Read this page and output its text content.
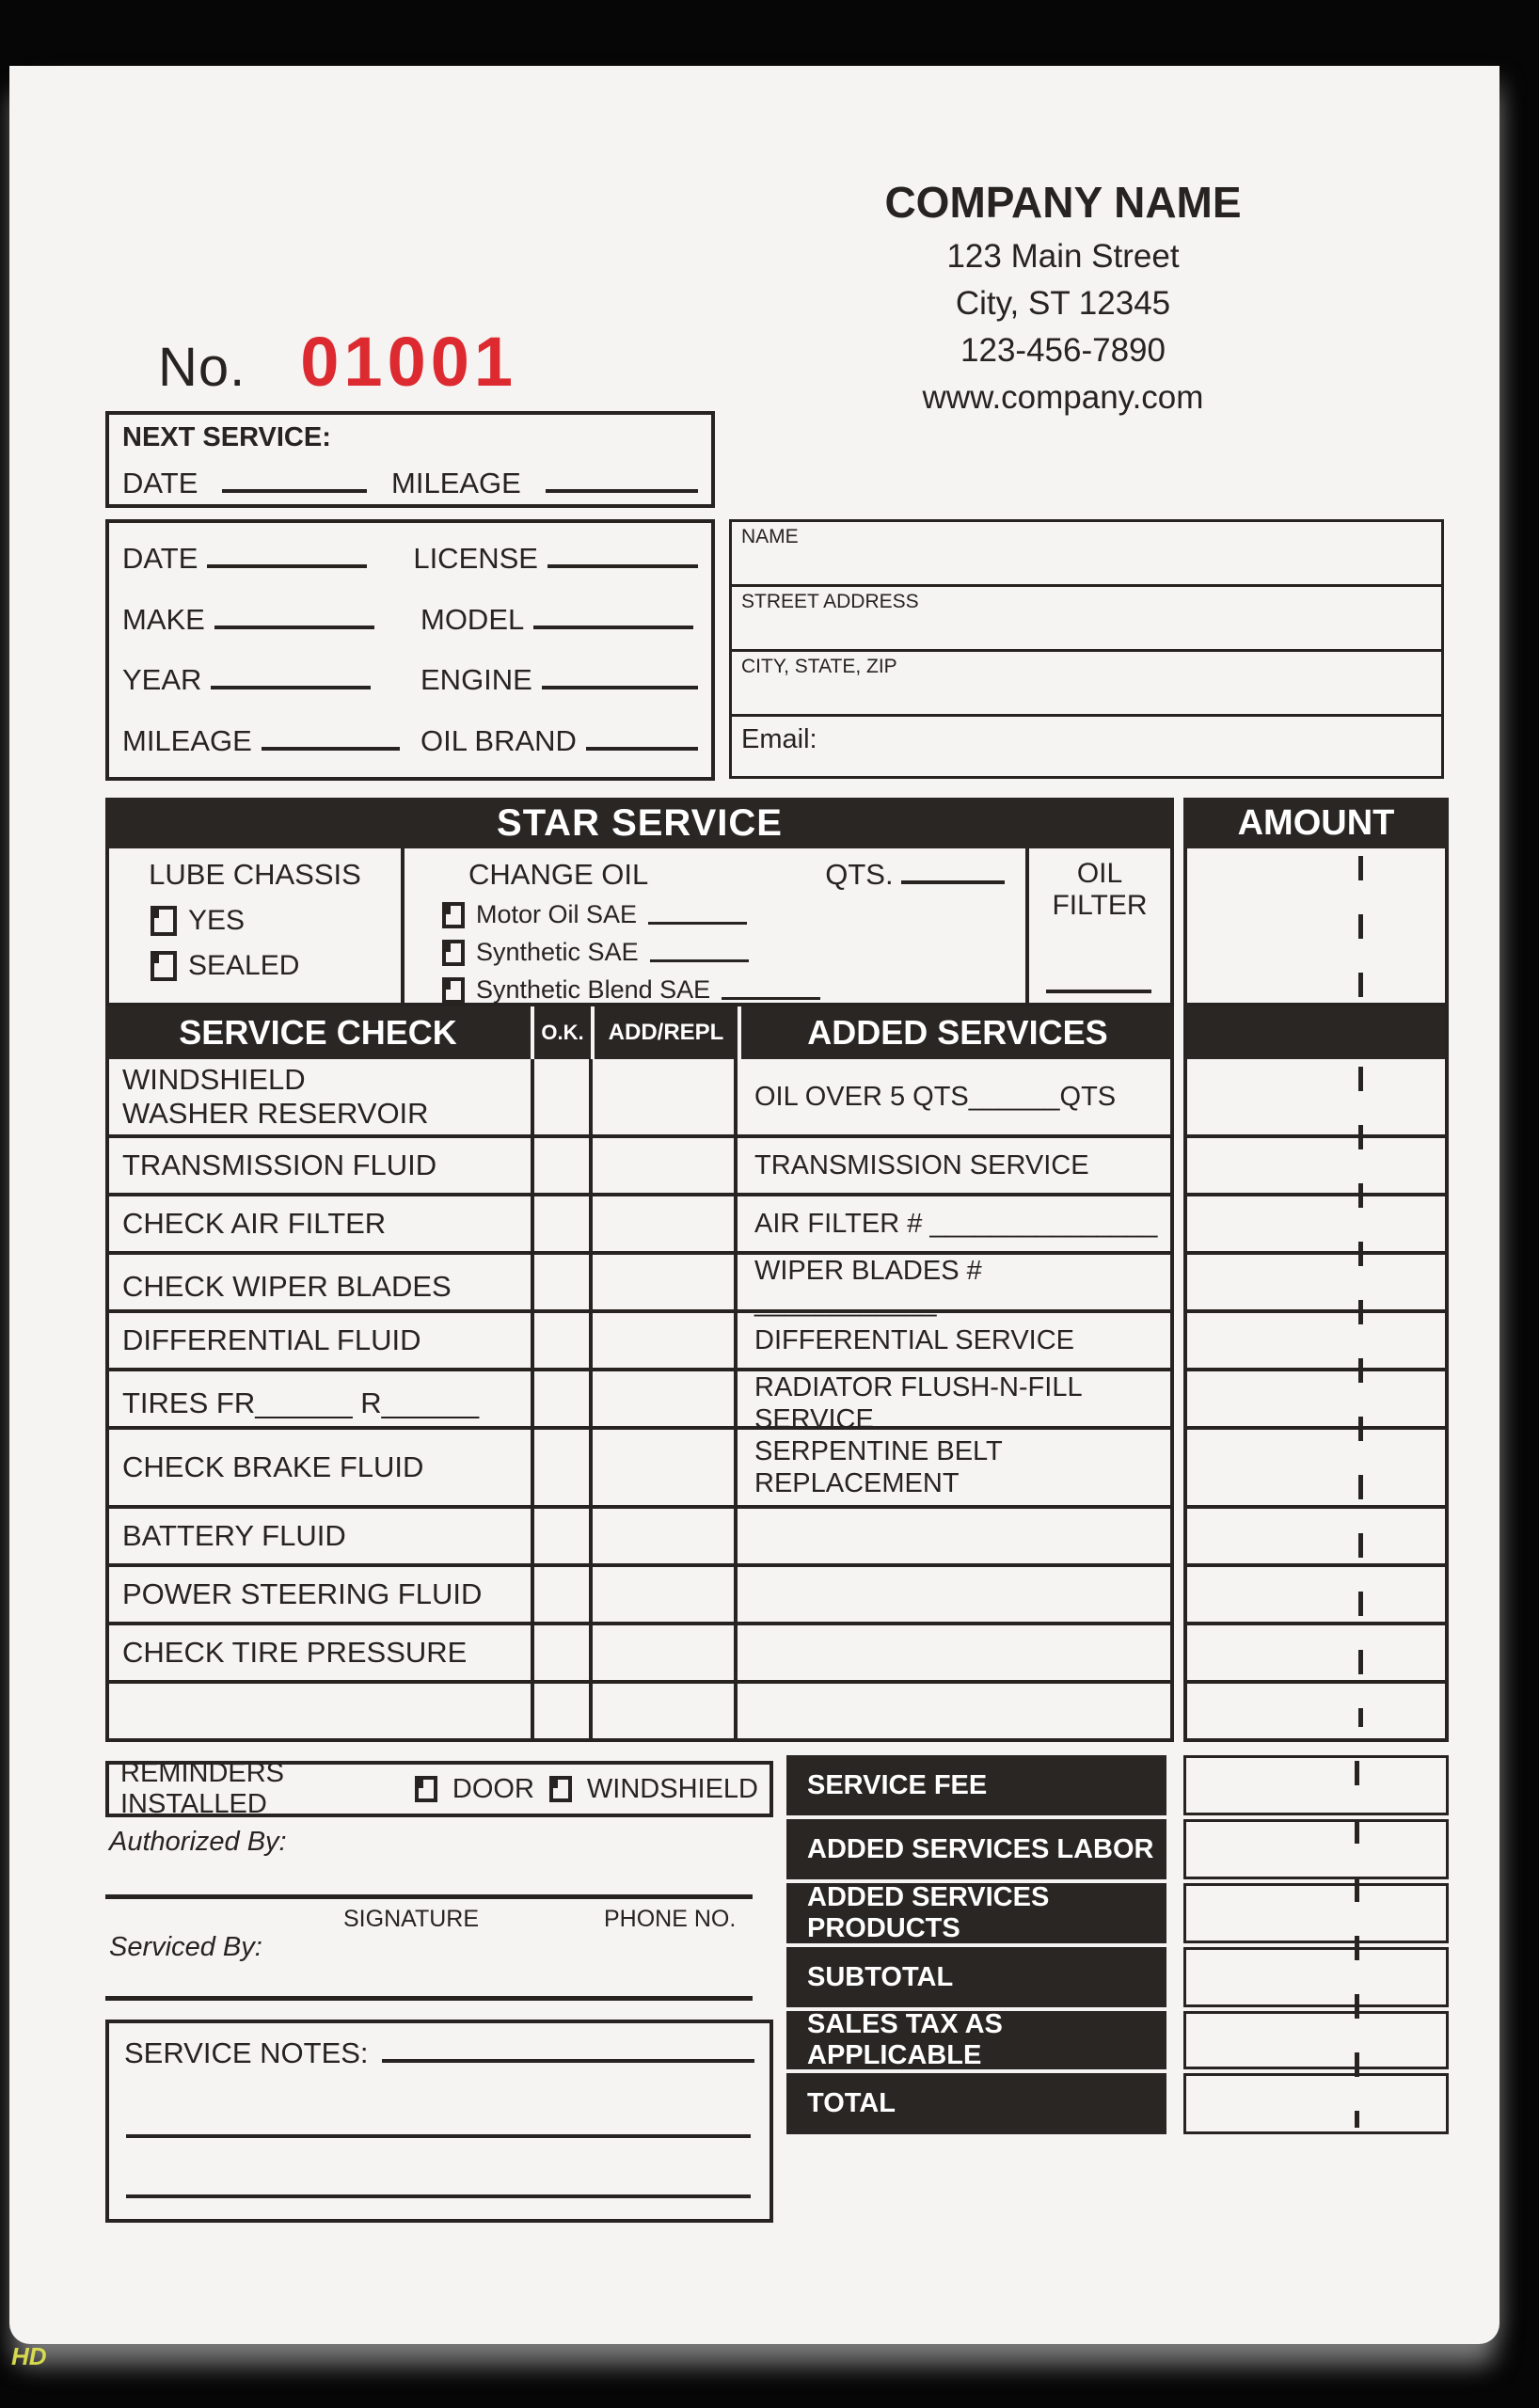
No. 01001
COMPANY NAME
123 Main Street
City, ST 12345
123-456-7890
www.company.com
NEXT SERVICE:
DATE	MILEAGE
DATE	LICENSE
MAKE	MODEL
YEAR	ENGINE
MILEAGE	OIL BRAND
NAME
STREET ADDRESS
CITY, STATE, ZIP
Email:
STAR SERVICE	AMOUNT
LUBE CHASSIS
YES
SEALED
CHANGE OIL	QTS.
Motor Oil SAE
Synthetic SAE
Synthetic Blend SAE
OIL FILTER
SERVICE CHECK	O.K.	ADD/REPL	ADDED SERVICES
WINDSHIELD WASHER RESERVOIR	OIL OVER 5 QTS______QTS
TRANSMISSION FLUID	TRANSMISSION SERVICE
CHECK AIR FILTER	AIR FILTER # _______________
CHECK WIPER BLADES	WIPER BLADES # ____________
DIFFERENTIAL FLUID	DIFFERENTIAL SERVICE
TIRES FR______ R______	RADIATOR FLUSH-N-FILL SERVICE
CHECK BRAKE FLUID	SERPENTINE BELT REPLACEMENT
BATTERY FLUID
POWER STEERING FLUID
CHECK TIRE PRESSURE
SERVICE FEE
ADDED SERVICES LABOR
ADDED SERVICES PRODUCTS
SUBTOTAL
SALES TAX AS APPLICABLE
TOTAL
REMINDERS INSTALLED
DOOR WINDSHIELD
Authorized By:
SIGNATURE	PHONE NO.
Serviced By:
SERVICE NOTES:
HD
